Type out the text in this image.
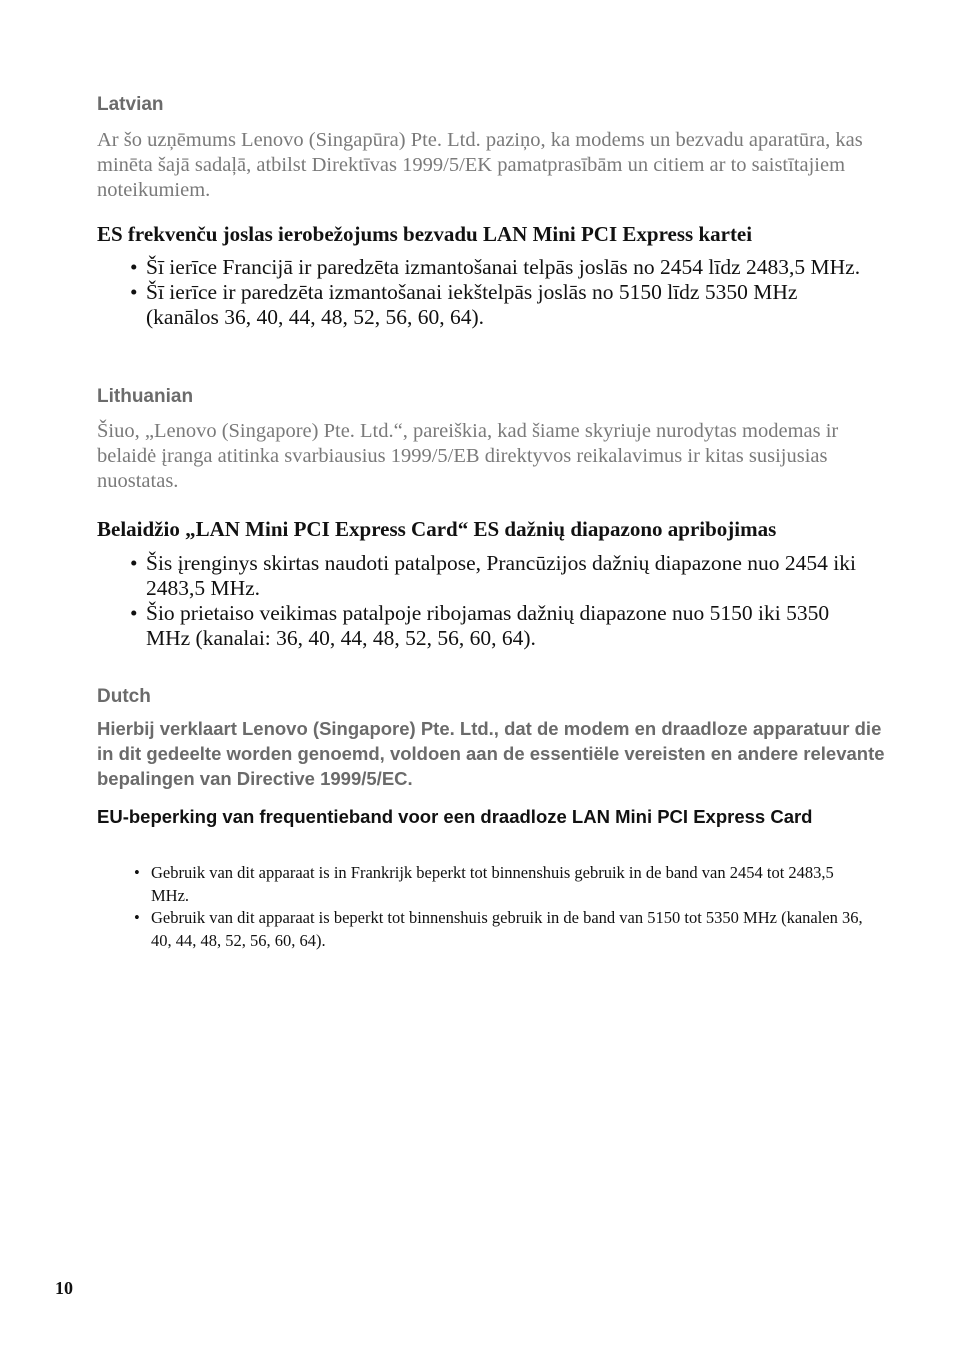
Latvian

Ar šo uzņēmums Lenovo (Singapūra) Pte. Ltd. paziņo, ka modems un bezvadu aparatūra, kas minēta šajā sadaļā, atbilst Direktīvas 1999/5/EK pamatprasībām un citiem ar to saistītajiem noteikumiem.

ES frekvenču joslas ierobežojums bezvadu LAN Mini PCI Express kartei
• Šī ierīce Francijā ir paredzēta izmantošanai telpās joslās no 2454 līdz 2483,5 MHz.
• Šī ierīce ir paredzēta izmantošanai iekštelpās joslās no 5150 līdz 5350 MHz (kanālos 36, 40, 44, 48, 52, 56, 60, 64).
Lithuanian

Šiuo, „Lenovo (Singapore) Pte. Ltd.“, pareiškia, kad šiame skyriuje nurodytas modemas ir belaidė įranga atitinka svarbiausius 1999/5/EB direktyvos reikalavimus ir kitas susijusias nuostatas.

Belaidžio „LAN Mini PCI Express Card“ ES dažnių diapazono apribojimas
• Šis įrenginys skirtas naudoti patalpose, Prancūzijos dažnių diapazone nuo 2454 iki 2483,5 MHz.
• Šio prietaiso veikimas patalpoje ribojamas dažnių diapazone nuo 5150 iki 5350 MHz (kanalai: 36, 40, 44, 48, 52, 56, 60, 64).
Dutch

Hierbij verklaart Lenovo (Singapore) Pte. Ltd., dat de modem en draadloze apparatuur die in dit gedeelte worden genoemd, voldoen aan de essentiële vereisten en andere relevante bepalingen van Directive 1999/5/EC.

EU-beperking van frequentieband voor een draadloze LAN Mini PCI Express Card
• Gebruik van dit apparaat is in Frankrijk beperkt tot binnenshuis gebruik in de band van 2454 tot 2483,5 MHz.
• Gebruik van dit apparaat is beperkt tot binnenshuis gebruik in de band van 5150 tot 5350 MHz (kanalen 36, 40, 44, 48, 52, 56, 60, 64).
10
